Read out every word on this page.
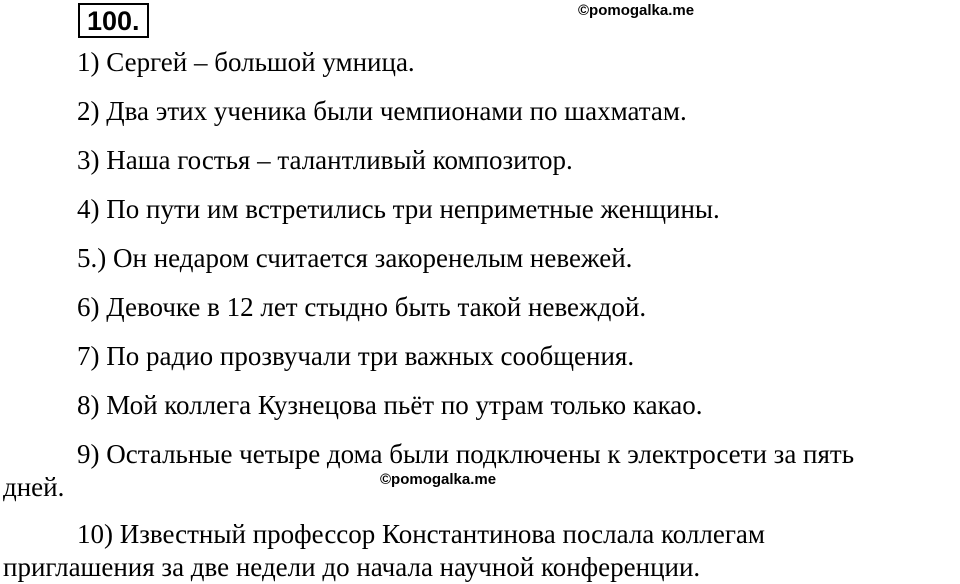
100.	©pomogalka.me
1) Сергей – большой умница.
2) Два этих ученика были чемпионами по шахматам.
3) Наша гостья – талантливый композитор.
4) По пути им встретились три неприметные женщины.
5.) Он недаром считается закоренелым невежей.
6) Девочке в 12 лет стыдно быть такой невеждой.
7) По радио прозвучали три важных сообщения.
8) Мой коллега Кузнецова пьёт по утрам только какао.
9) Остальные четыре дома были подключены к электросети за пять
дней.	©pomogalka.me
10) Известный профессор Константинова послала коллегам
приглашения за две недели до начала научной конференции.
